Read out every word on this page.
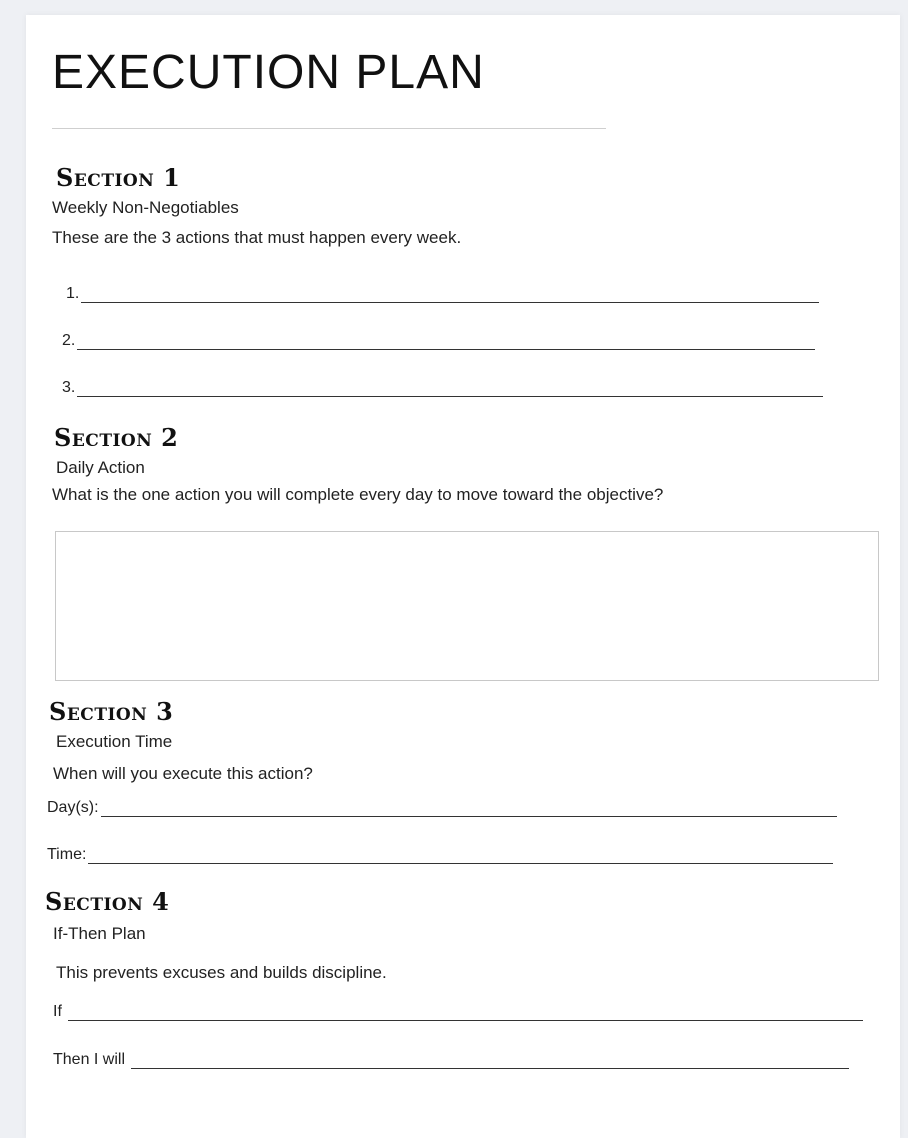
EXECUTION PLAN
Section 1
Weekly Non-Negotiables
These are the 3 actions that must happen every week.
1.
2.
3.
Section 2
Daily Action
What is the one action you will complete every day to move toward the objective?
Section 3
Execution Time
When will you execute this action?
Day(s):
Time:
Section 4
If-Then Plan
This prevents excuses and builds discipline.
If
Then I will
